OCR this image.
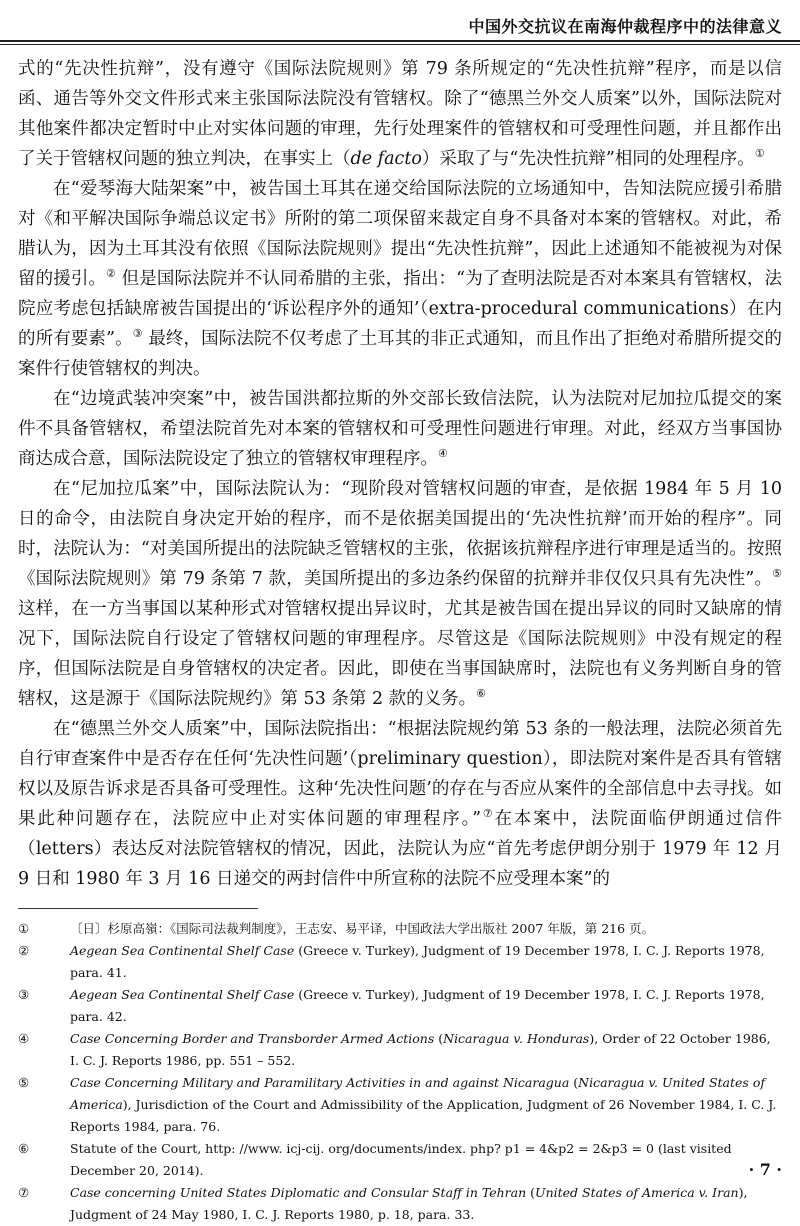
中国外交抗议在南海仲裁程序中的法律意义

式的“先决性抗辩”，没有遵守《国际法院规则》第 79 条所规定的“先决性抗辩”程序，而是以信函、通告等外交文件形式来主张国际法院没有管辖权。除了“德黑兰外交人质案”以外，国际法院对其他案件都决定暂时中止对实体问题的审理，先行处理案件的管辖权和可受理性问题，并且都作出了关于管辖权问题的独立判决，在事实上（de facto）采取了与“先决性抗辩”相同的处理程序。①

在“爱琴海大陆架案”中，被告国土耳其在递交给国际法院的立场通知中，告知法院应援引希腊对《和平解决国际争端总议定书》所附的第二项保留来裁定自身不具备对本案的管辖权。对此，希腊认为，因为土耳其没有依照《国际法院规则》提出“先决性抗辩”，因此上述通知不能被视为对保留的援引。② 但是国际法院并不认同希腊的主张，指出：“为了查明法院是否对本案具有管辖权，法院应考虑包括缺席被告国提出的‘诉讼程序外的通知’（extra-procedural communications）在内的所有要素”。③ 最终，国际法院不仅考虑了土耳其的非正式通知，而且作出了拒绝对希腊所提交的案件行使管辖权的判决。

在“边境武装冲突案”中，被告国洪都拉斯的外交部长致信法院，认为法院对尼加拉瓜提交的案件不具备管辖权，希望法院首先对本案的管辖权和可受理性问题进行审理。对此，经双方当事国协商达成合意，国际法院设定了独立的管辖权审理程序。④

在“尼加拉瓜案”中，国际法院认为：“现阶段对管辖权问题的审查，是依据 1984 年 5 月 10 日的命令，由法院自身决定开始的程序，而不是依据美国提出的‘先决性抗辩’而开始的程序”。同时，法院认为：“对美国所提出的法院缺乏管辖权的主张，依据该抗辩程序进行审理是适当的。按照《国际法院规则》第 79 条第 7 款，美国所提出的多边条约保留的抗辩并非仅仅只具有先决性”。⑤ 这样，在一方当事国以某种形式对管辖权提出异议时，尤其是被告国在提出异议的同时又缺席的情况下，国际法院自行设定了管辖权问题的审理程序。尽管这是《国际法院规则》中没有规定的程序，但国际法院是自身管辖权的决定者。因此，即使在当事国缺席时，法院也有义务判断自身的管辖权，这是源于《国际法院规约》第 53 条第 2 款的义务。⑥

在“德黑兰外交人质案”中，国际法院指出：“根据法院规约第 53 条的一般法理，法院必须首先自行审查案件中是否存在任何‘先决性问题’（preliminary question），即法院对案件是否具有管辖权以及原告诉求是否具备可受理性。这种‘先决性问题’的存在与否应从案件的全部信息中去寻找。如果此种问题存在，法院应中止对实体问题的审理程序。”⑦在本案中，法院面临伊朗通过信件（letters）表达反对法院管辖权的情况，因此，法院认为应“首先考虑伊朗分别于 1979 年 12 月 9 日和 1980 年 3 月 16 日递交的两封信件中所宣称的法院不应受理本案”的

①	〔日〕杉原高嶺：《国际司法裁判制度》，王志安、易平译，中国政法大学出版社 2007 年版，第 216 页。

②	Aegean Sea Continental Shelf Case (Greece v. Turkey), Judgment of 19 December 1978, I. C. J. Reports 1978, para. 41.

③	Aegean Sea Continental Shelf Case (Greece v. Turkey), Judgment of 19 December 1978, I. C. J. Reports 1978, para. 42.

④	Case Concerning Border and Transborder Armed Actions (Nicaragua v. Honduras), Order of 22 October 1986, I. C. J. Reports 1986, pp. 551 – 552.

⑤	Case Concerning Military and Paramilitary Activities in and against Nicaragua (Nicaragua v. United States of America), Jurisdiction of the Court and Admissibility of the Application, Judgment of 26 November 1984, I. C. J. Reports 1984, para. 76.

⑥	Statute of the Court, http: //www. icj-cij. org/documents/index. php? p1 = 4&p2 = 2&p3 = 0 (last visited December 20, 2014).

⑦	Case concerning United States Diplomatic and Consular Staff in Tehran (United States of America v. Iran), Judgment of 24 May 1980, I. C. J. Reports 1980, p. 18, para. 33.

· 7 ·
